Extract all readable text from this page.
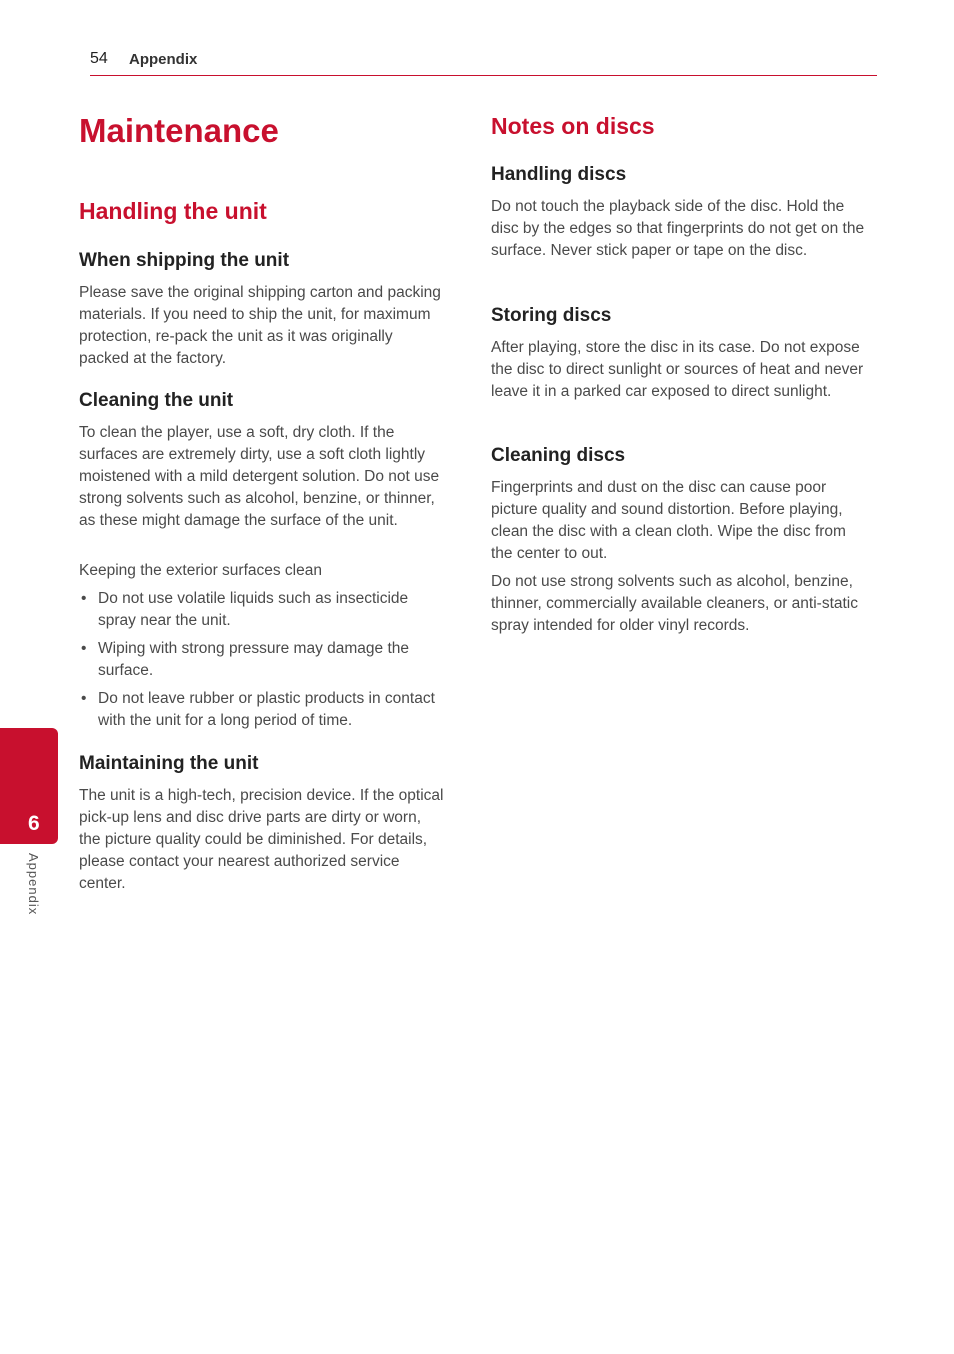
54 Appendix
Maintenance
Handling the unit
When shipping the unit

Please save the original shipping carton and packing materials. If you need to ship the unit, for maximum protection, re-pack the unit as it was originally packed at the factory.

Cleaning the unit

To clean the player, use a soft, dry cloth. If the surfaces are extremely dirty, use a soft cloth lightly moistened with a mild detergent solution. Do not use strong solvents such as alcohol, benzine, or thinner, as these might damage the surface of the unit.

Keeping the exterior surfaces clean

• Do not use volatile liquids such as insecticide spray near the unit.
• Wiping with strong pressure may damage the surface.
• Do not leave rubber or plastic products in contact with the unit for a long period of time.
Maintaining the unit

The unit is a high-tech, precision device. If the optical pick-up lens and disc drive parts are dirty or worn, the picture quality could be diminished. For details, please contact your nearest authorized service center.

Notes on discs
Handling discs

Do not touch the playback side of the disc. Hold the disc by the edges so that fingerprints do not get on the surface. Never stick paper or tape on the disc.

Storing discs

After playing, store the disc in its case. Do not expose the disc to direct sunlight or sources of heat and never leave it in a parked car exposed to direct sunlight.

Cleaning discs

Fingerprints and dust on the disc can cause poor picture quality and sound distortion. Before playing, clean the disc with a clean cloth. Wipe the disc from the center to out.

Do not use strong solvents such as alcohol, benzine, thinner, commercially available cleaners, or anti-static spray intended for older vinyl records.

6
Appendix
